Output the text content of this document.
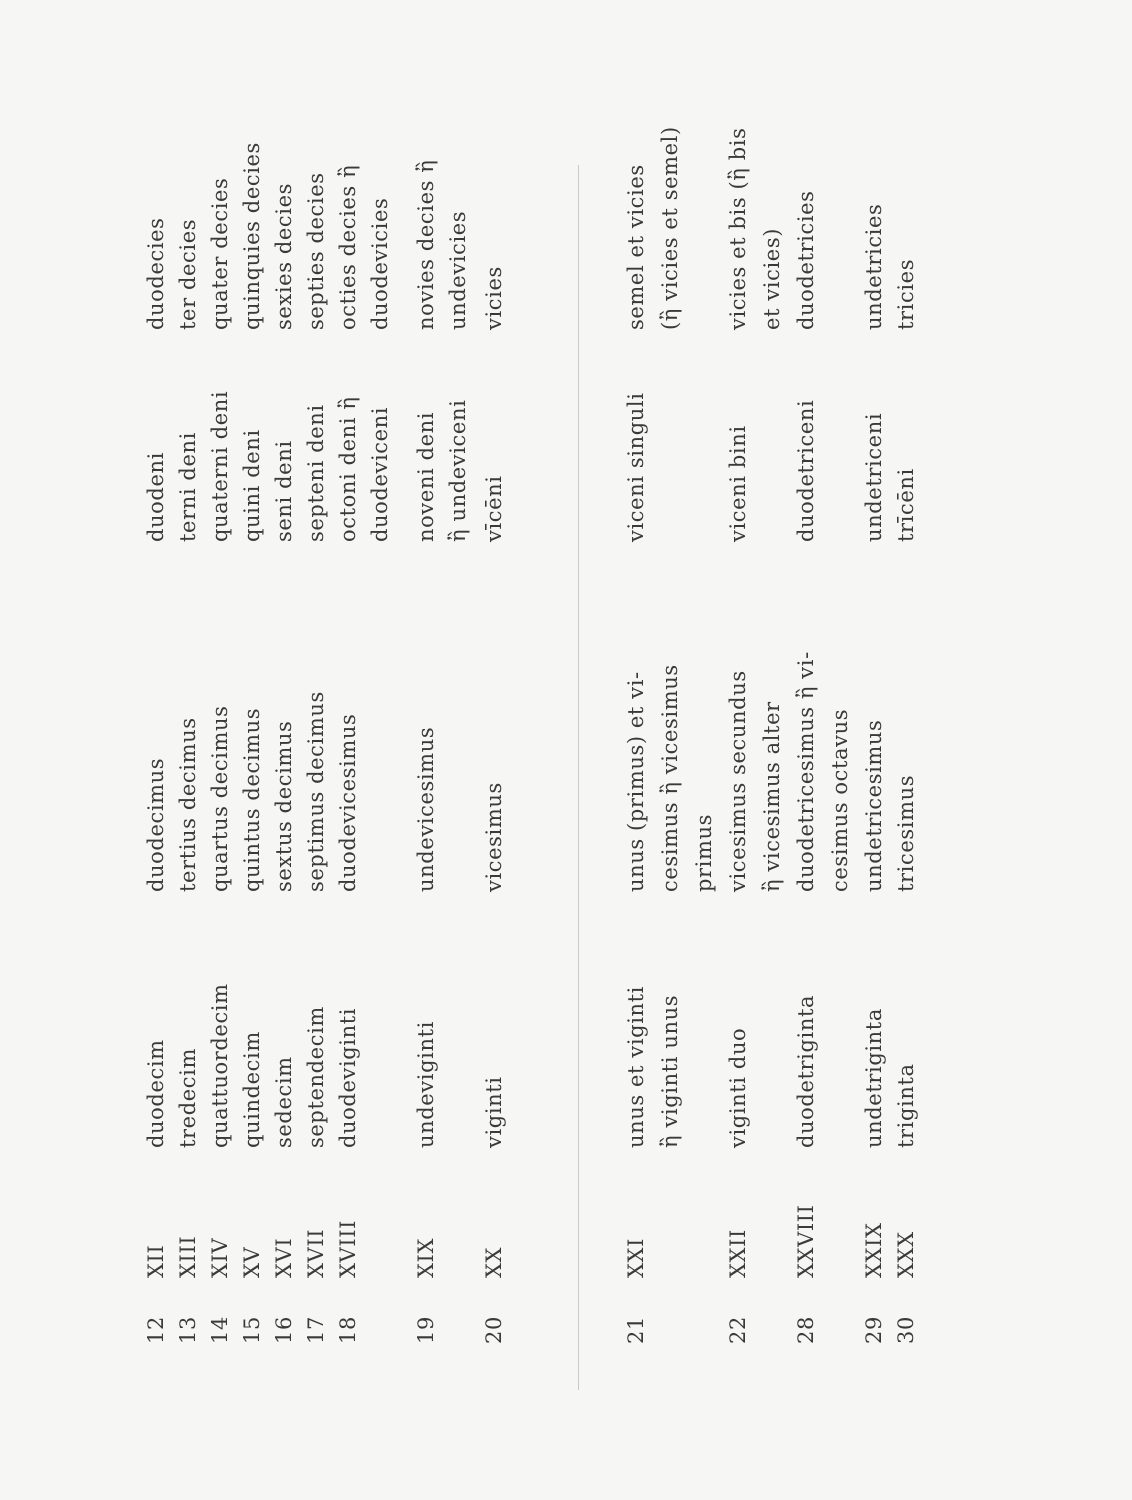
12
XII
duodecim
duodecimus
duodeni
duodecies
13
XIII
tredecim
tertius decimus
terni deni
ter decies
14
XIV
quattuordecim
quartus decimus
quaterni deni
quater decies
15
XV
quindecim
quintus decimus
quini deni
quinquies decies
16
XVI
sedecim
sextus decimus
seni deni
sexies decies
17
XVII
septendecim
septimus decimus
septeni deni
septies decies
18
XVIII
duodeviginti
duodevicesimus
octoni deni ἢ
octies decies ἢ
duodeviceni
duodevicies
19
XIX
undeviginti
undevicesimus
noveni deni
novies decies ἢ
ἢ undeviceni
undevicies
20
XX
viginti
vicesimus
vīcēni
vicies
21
XXI
unus et viginti
unus (primus) et vi-
viceni singuli
semel et vicies
ἢ viginti unus
cesimus ἢ vicesimus
(ἢ vicies et semel)
primus
22
XXII
viginti duo
vicesimus secundus
viceni bini
vicies et bis (ἢ bis
ἢ vicesimus alter
et vicies)
28
XXVIII
duodetriginta
duodetricesimus ἢ vi-
duodetriceni
duodetricies
cesimus octavus
29
XXIX
undetriginta
undetricesimus
undetriceni
undetricies
30
XXX
triginta
tricesimus
trīcēni
tricies
